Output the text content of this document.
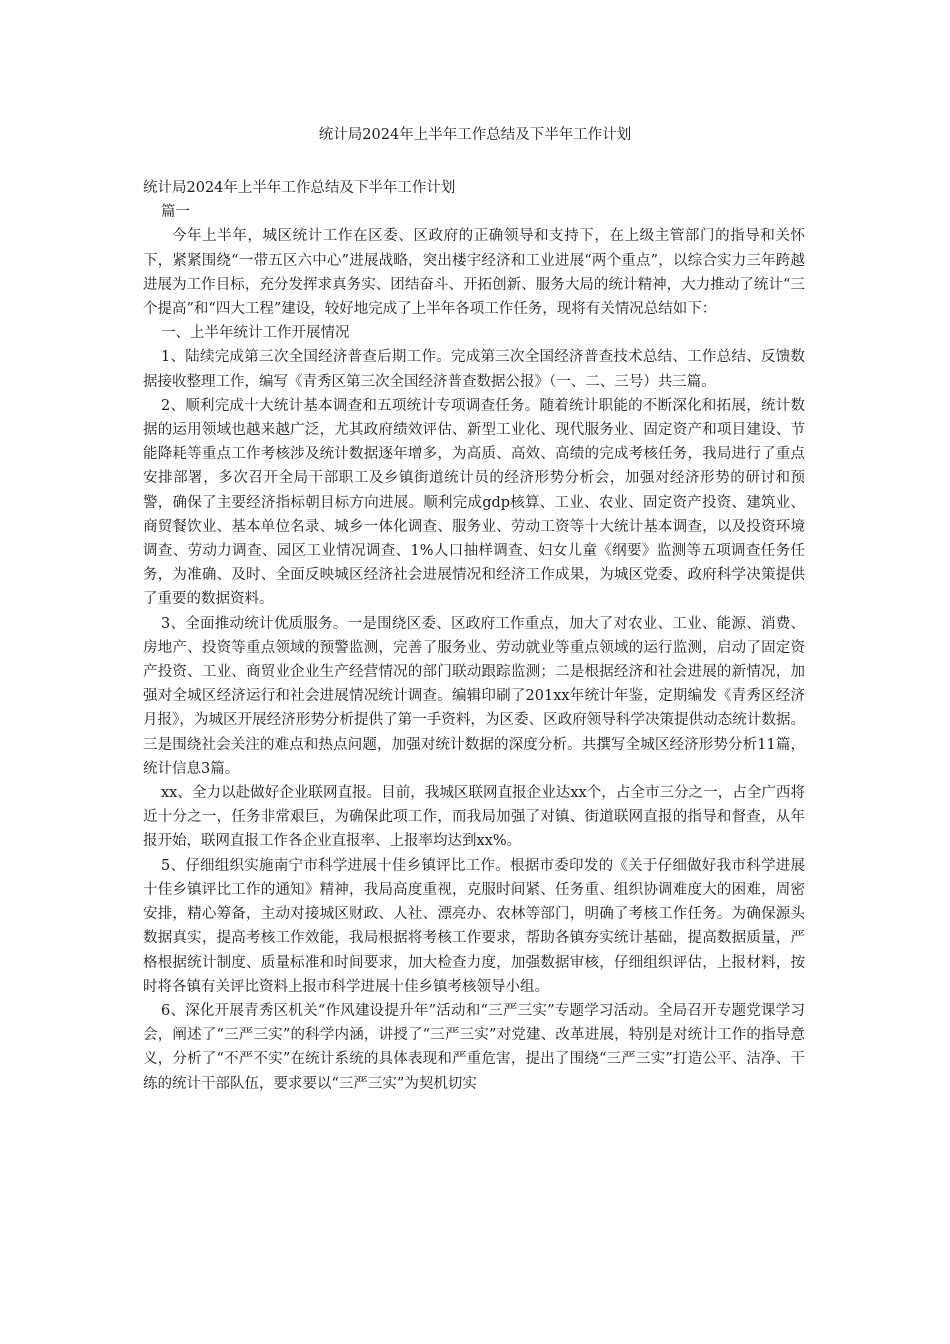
统计局2024年上半年工作总结及下半年工作计划

统计局2024年上半年工作总结及下半年工作计划

篇一

今年上半年，城区统计工作在区委、区政府的正确领导和支持下，在上级主管部门的指导和关怀下，紧紧围绕“一带五区六中心”进展战略，突出楼宇经济和工业进展“两个重点”，以综合实力三年跨越进展为工作目标，充分发挥求真务实、团结奋斗、开拓创新、服务大局的统计精神，大力推动了统计“三个提高”和“四大工程”建设，较好地完成了上半年各项工作任务，现将有关情况总结如下：

一、上半年统计工作开展情况

1、陆续完成第三次全国经济普查后期工作。完成第三次全国经济普查技术总结、工作总结、反馈数据接收整理工作，编写《青秀区第三次全国经济普查数据公报》（一、二、三号）共三篇。

2、顺利完成十大统计基本调查和五项统计专项调查任务。随着统计职能的不断深化和拓展，统计数据的运用领域也越来越广泛，尤其政府绩效评估、新型工业化、现代服务业、固定资产和项目建设、节能降耗等重点工作考核涉及统计数据逐年增多，为高质、高效、高绩的完成考核任务，我局进行了重点安排部署，多次召开全局干部职工及乡镇街道统计员的经济形势分析会，加强对经济形势的研讨和预警，确保了主要经济指标朝目标方向进展。顺利完成gdp核算、工业、农业、固定资产投资、建筑业、商贸餐饮业、基本单位名录、城乡一体化调查、服务业、劳动工资等十大统计基本调查，以及投资环境调查、劳动力调查、园区工业情况调查、1%人口抽样调查、妇女儿童《纲要》监测等五项调查任务任务，为准确、及时、全面反映城区经济社会进展情况和经济工作成果，为城区党委、政府科学决策提供了重要的数据资料。

3、全面推动统计优质服务。一是围绕区委、区政府工作重点，加大了对农业、工业、能源、消费、房地产、投资等重点领域的预警监测，完善了服务业、劳动就业等重点领域的运行监测，启动了固定资产投资、工业、商贸业企业生产经营情况的部门联动跟踪监测；二是根据经济和社会进展的新情况，加强对全城区经济运行和社会进展情况统计调查。编辑印刷了201xx年统计年鉴，定期编发《青秀区经济月报》，为城区开展经济形势分析提供了第一手资料，为区委、区政府领导科学决策提供动态统计数据。三是围绕社会关注的难点和热点问题，加强对统计数据的深度分析。共撰写全城区经济形势分析11篇，统计信息3篇。

xx、全力以赴做好企业联网直报。目前，我城区联网直报企业达xx个，占全市三分之一，占全广西将近十分之一，任务非常艰巨，为确保此项工作，而我局加强了对镇、街道联网直报的指导和督查，从年报开始，联网直报工作各企业直报率、上报率均达到xx%。

5、仔细组织实施南宁市科学进展十佳乡镇评比工作。根据市委印发的《关于仔细做好我市科学进展十佳乡镇评比工作的通知》精神，我局高度重视，克服时间紧、任务重、组织协调难度大的困难，周密安排，精心筹备，主动对接城区财政、人社、漂亮办、农林等部门，明确了考核工作任务。为确保源头数据真实，提高考核工作效能，我局根据将考核工作要求，帮助各镇夯实统计基础，提高数据质量，严格根据统计制度、质量标准和时间要求，加大检查力度，加强数据审核，仔细组织评估，上报材料，按时将各镇有关评比资料上报市科学进展十佳乡镇考核领导小组。

6、深化开展青秀区机关“作风建设提升年”活动和“三严三实”专题学习活动。全局召开专题党课学习会，阐述了“三严三实”的科学内涵，讲授了“三严三实”对党建、改革进展，特别是对统计工作的指导意义，分析了“不严不实”在统计系统的具体表现和严重危害，提出了围绕“三严三实”打造公平、洁净、干练的统计干部队伍，要求要以“三严三实”为契机切实
